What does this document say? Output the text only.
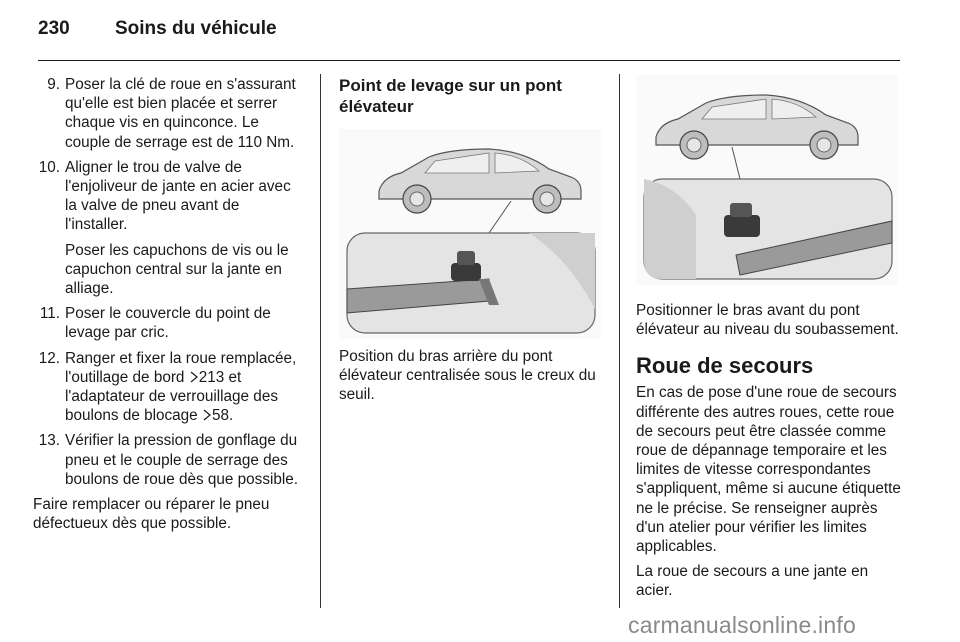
230 Soins du véhicule
9. Poser la clé de roue en s'assurant qu'elle est bien placée et serrer chaque vis en quinconce. Le couple de serrage est de 110 Nm.

10. Aligner le trou de valve de l'enjoliveur de jante en acier avec la valve de pneu avant de l'installer.

Poser les capuchons de vis ou le capuchon central sur la jante en alliage.

11. Poser le couvercle du point de levage par cric.

12. Ranger et fixer la roue remplacée, l'outillage de bord 213 et l'adaptateur de verrouillage des boulons de blocage 58.

13. Vérifier la pression de gonflage du pneu et le couple de serrage des boulons de roue dès que possible.

Faire remplacer ou réparer le pneu défectueux dès que possible.

Point de levage sur un pont élévateur

Position du bras arrière du pont élévateur centralisée sous le creux du seuil.

Positionner le bras avant du pont élévateur au niveau du soubassement.

Roue de secours

En cas de pose d'une roue de secours différente des autres roues, cette roue de secours peut être classée comme roue de dépannage temporaire et les limites de vitesse correspondantes s'appliquent, même si aucune étiquette ne le précise. Se renseigner auprès d'un atelier pour vérifier les limites applicables.

La roue de secours a une jante en acier.

carmanualsonline.info
